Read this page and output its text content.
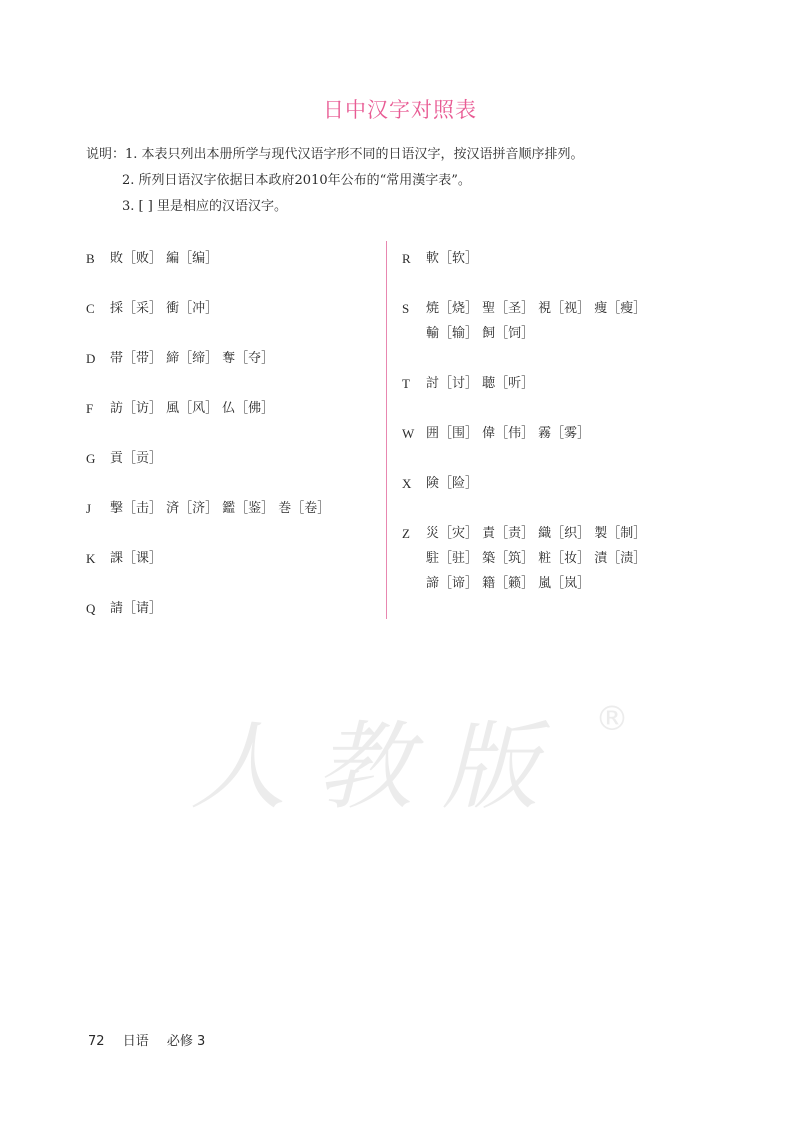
日中汉字对照表
说明：1. 本表只列出本册所学与现代汉语字形不同的日语汉字，按汉语拼音顺序排列。
2. 所列日语汉字依据日本政府2010年公布的“常用漢字表”。
3. [ ] 里是相应的汉语汉字。
B	敗［败］ 編［编］
C	採［采］ 衝［冲］
D	帯［带］ 締［缔］ 奪［夺］
F	訪［访］ 風［风］ 仏［佛］
G	貢［贡］
J	撃［击］ 済［济］ 鑑［鉴］ 巻［卷］
K	課［课］
Q	請［请］
R	軟［软］
S	焼［烧］ 聖［圣］ 視［视］ 痩［瘦］輸［输］ 飼［饲］
T	討［讨］ 聴［听］
W 囲［围］ 偉［伟］ 霧［雾］
X	険［险］
Z	災［灾］ 責［责］ 織［织］ 製［制］駐［驻］ 築［筑］ 粧［妆］ 漬［渍］諦［谛］ 籍［籁］ 嵐［岚］
人教版 ®
72 日语 必修 3
